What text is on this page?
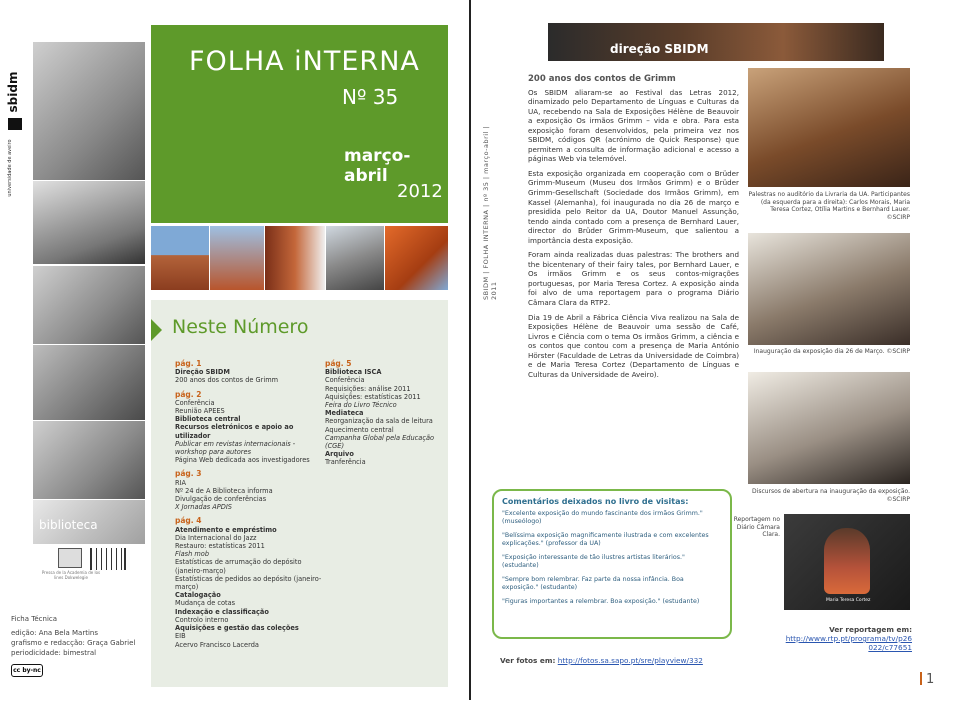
sbidm
universidade de aveiro
biblioteca
Pressa de la Academia de los lines Dokwelegie
FOLHA iNTERNA
Nº 35
março-abril
2012
Neste Número
pág. 1
Direção SBIDM
200 anos dos contos de Grimm
pág. 2
Conferência
Reunião APEES
Biblioteca central
Recursos eletrónicos e apoio ao utilizador
Publicar em revistas internacionais - workshop para autores
Página Web dedicada aos investigadores
pág. 3
RIA
Nº 24 de A Biblioteca informa
Divulgação de conferências
X Jornadas APDIS
pág. 4
Atendimento e empréstimo
Dia Internacional do Jazz
Restauro: estatísticas 2011
Flash mob
Estatísticas de arrumação do depósito (janeiro-março)
Estatísticas de pedidos ao depósito (janeiro-março)
Catalogação
Mudança de cotas
Indexação e classificação
Controlo interno
Aquisições e gestão das coleções
EIB
Acervo Francisco Lacerda
pág. 5
Biblioteca ISCA
Conferência
Requisições: análise 2011
Aquisições: estatísticas 2011
Feira do Livro Técnico
Mediateca
Reorganização da sala de leitura
Aquecimento central
Campanha Global pela Educação (CGE)
Arquivo
Tranferência
Ficha Técnica
edição: Ana Bela Martins
grafismo e redacção: Graça Gabriel
periodicidade: bimestral
cc by-nc
direção SBIDM
SBIDM | FOLHA INTERNA | nº 35 | março-abril | 2011
200 anos dos contos de Grimm

Os SBIDM aliaram-se ao Festival das Letras 2012, dinamizado pelo Departamento de Línguas e Culturas da UA, recebendo na Sala de Exposições Hélène de Beauvoir a exposição Os irmãos Grimm – vida e obra. Para esta exposição foram desenvolvidos, pela primeira vez nos SBIDM, códigos QR (acrónimo de Quick Response) que permitem a consulta de informação adicional e acesso a páginas Web via telemóvel.

Esta exposição organizada em cooperação com o Brüder Grimm-Museum (Museu dos Irmãos Grimm) e o Brüder Grimm-Gesellschaft (Sociedade dos Irmãos Grimm), em Kassel (Alemanha), foi inaugurada no dia 26 de março e presidida pelo Reitor da UA, Doutor Manuel Assunção, tendo ainda contado com a presença de Bernhard Lauer, director do Brüder Grimm-Museum, que salientou a importância desta exposição.

Foram ainda realizadas duas palestras: The brothers and the bicentenary of their fairy tales, por Bernhard Lauer, e Os irmãos Grimm e os seus contos-migrações portuguesas, por Maria Teresa Cortez. A exposição ainda foi alvo de uma reportagem para o programa Diário Câmara Clara da RTP2.

Dia 19 de Abril a Fábrica Ciência Viva realizou na Sala de Exposições Hélène de Beauvoir uma sessão de Café, Livros e Ciência com o tema Os irmãos Grimm, a ciência e os contos que contou com a presença de Maria António Hörster (Faculdade de Letras da Universidade de Coimbra) e de Maria Teresa Cortez (Departamento de Línguas e Culturas da Universidade de Aveiro).

Palestras no auditório da Livraria da UA. Participantes (da esquerda para a direita): Carlos Morais, Maria Teresa Cortez, Otília Martins e Bernhard Lauer. ©SCIRP
Inauguração da exposição dia 26 de Março. ©SCIRP
Discursos de abertura na inauguração da exposição. ©SCIRP
Reportagem no Diário Câmara Clara.
Maria Teresa Cortez
Comentários deixados no livro de visitas:

"Excelente exposição do mundo fascinante dos irmãos Grimm." (museólogo)

"Belíssima exposição magnificamente ilustrada e com excelentes explicações." (professor da UA)

"Exposição interessante de tão ilustres artistas literários." (estudante)

"Sempre bom relembrar. Faz parte da nossa infância. Boa exposição." (estudante)

"Figuras importantes a relembrar. Boa exposição." (estudante)

Ver fotos em: http://fotos.sa.sapo.pt/sre/playview/332
Ver reportagem em:
http://www.rtp.pt/programa/tv/p26022/c77651
1
